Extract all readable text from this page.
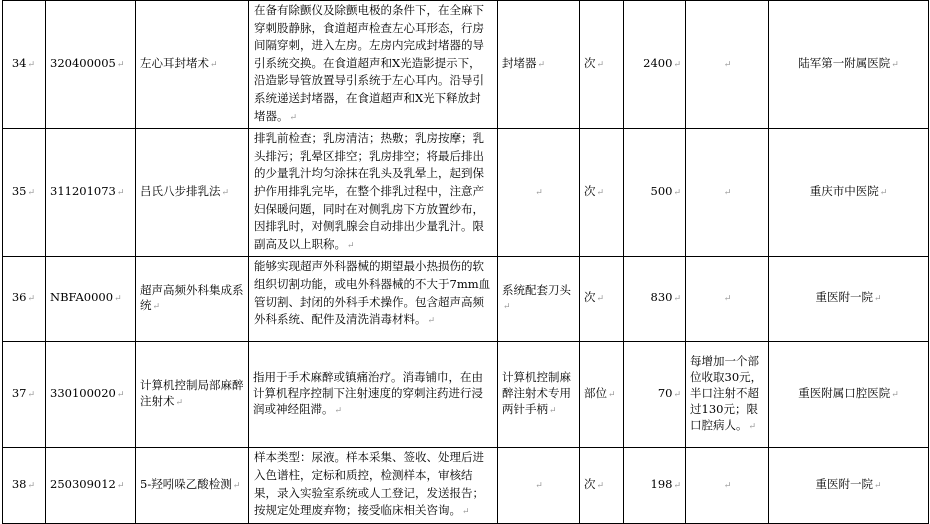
34↵	320400005↵	左心耳封堵术↵	在备有除颤仪及除颤电极的条件下，在全麻下穿刺股静脉，食道超声检查左心耳形态，行房间隔穿刺，进入左房。左房内完成封堵器的导引系统交换。在食道超声和X光造影提示下，沿造影导管放置导引系统于左心耳内。沿导引系统递送封堵器，在食道超声和X光下释放封堵器。↵	封堵器↵	次↵	2400↵	↵	陆军第一附属医院↵
35↵	311201073↵	吕氏八步排乳法↵	排乳前检查；乳房清洁；热敷；乳房按摩；乳头排污；乳晕区排空；乳房排空；将最后排出的少量乳汁均匀涂抹在乳头及乳晕上，起到保护作用排乳完毕，在整个排乳过程中，注意产妇保暖问题，同时在对侧乳房下方放置纱布，因排乳时，对侧乳腺会自动排出少量乳汁。限副高及以上职称。↵	↵	次↵	500↵	↵	重庆市中医院↵
36↵	NBFA0000↵	超声高频外科集成系统↵	能够实现超声外科器械的期望最小热损伤的软组织切割功能，或电外科器械的不大于7mm血管切割、封闭的外科手术操作。包含超声高频外科系统、配件及清洗消毒材料。↵	系统配套刀头↵	次↵	830↵	↵	重医附一院↵
37↵	330100020↵	计算机控制局部麻醉注射术↵	指用于手术麻醉或镇痛治疗。消毒铺巾，在由计算机程序控制下注射速度的穿刺注药进行浸润或神经阻滞。↵	计算机控制麻醉注射术专用两针手柄↵	部位↵	70↵	每增加一个部位收取30元，半口注射不超过130元；限口腔病人。↵	重医附属口腔医院↵
38↵	250309012↵	5-羟吲哚乙酸检测↵	样本类型：尿液。样本采集、签收、处理后进入色谱柱，定标和质控，检测样本，审核结果，录入实验室系统或人工登记，发送报告；按规定处理废弃物；接受临床相关咨询。↵	↵	次↵	198↵	↵	重医附一院↵
